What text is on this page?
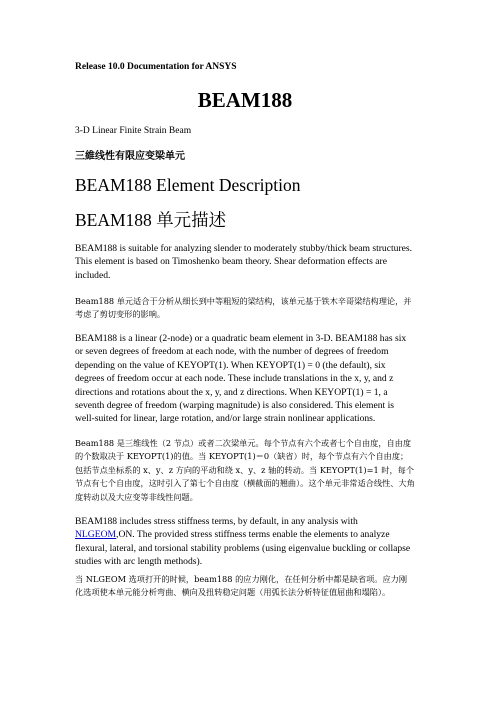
Release 10.0 Documentation for ANSYS
BEAM188
3-D Linear Finite Strain Beam
三維线性有限应变梁单元
BEAM188 Element Description
BEAM188 单元描述
BEAM188 is suitable for analyzing slender to moderately stubby/thick beam structures. This element is based on Timoshenko beam theory. Shear deformation effects are included.
Beam188 单元适合于分析从细长到中等粗短的梁结构，该单元基于铁木辛哥梁结构理论，并考虑了剪切变形的影响。
BEAM188 is a linear (2-node) or a quadratic beam element in 3-D. BEAM188 has six or seven degrees of freedom at each node, with the number of degrees of freedom depending on the value of KEYOPT(1). When KEYOPT(1) = 0 (the default), six degrees of freedom occur at each node. These include translations in the x, y, and z directions and rotations about the x, y, and z directions. When KEYOPT(1) = 1, a seventh degree of freedom (warping magnitude) is also considered. This element is well-suited for linear, large rotation, and/or large strain nonlinear applications.
Beam188 是三维线性（2 节点）或者二次梁单元。每个节点有六个或者七个自由度，自由度的个数取决于 KEYOPT(1)的值。当 KEYOPT(1)＝0（缺省）时，每个节点有六个自由度；包括节点坐标系的 x、y、z 方向的平动和绕 x、y、z 轴的转动。当 KEYOPT(1)=1 时，每个节点有七个自由度，这时引入了第七个自由度（横截面的翘曲）。这个单元非常适合线性、大角度转动以及大应变等非线性问题。
BEAM188 includes stress stiffness terms, by default, in any analysis with NLGEOM,ON. The provided stress stiffness terms enable the elements to analyze flexural, lateral, and torsional stability problems (using eigenvalue buckling or collapse studies with arc length methods).
当 NLGEOM 选项打开的时候，beam188 的应力刚化，在任何分析中都是缺省项。应力刚化选项使本单元能分析弯曲、横向及扭转稳定问题（用弧长法分析特征值屈曲和塌陷）。
